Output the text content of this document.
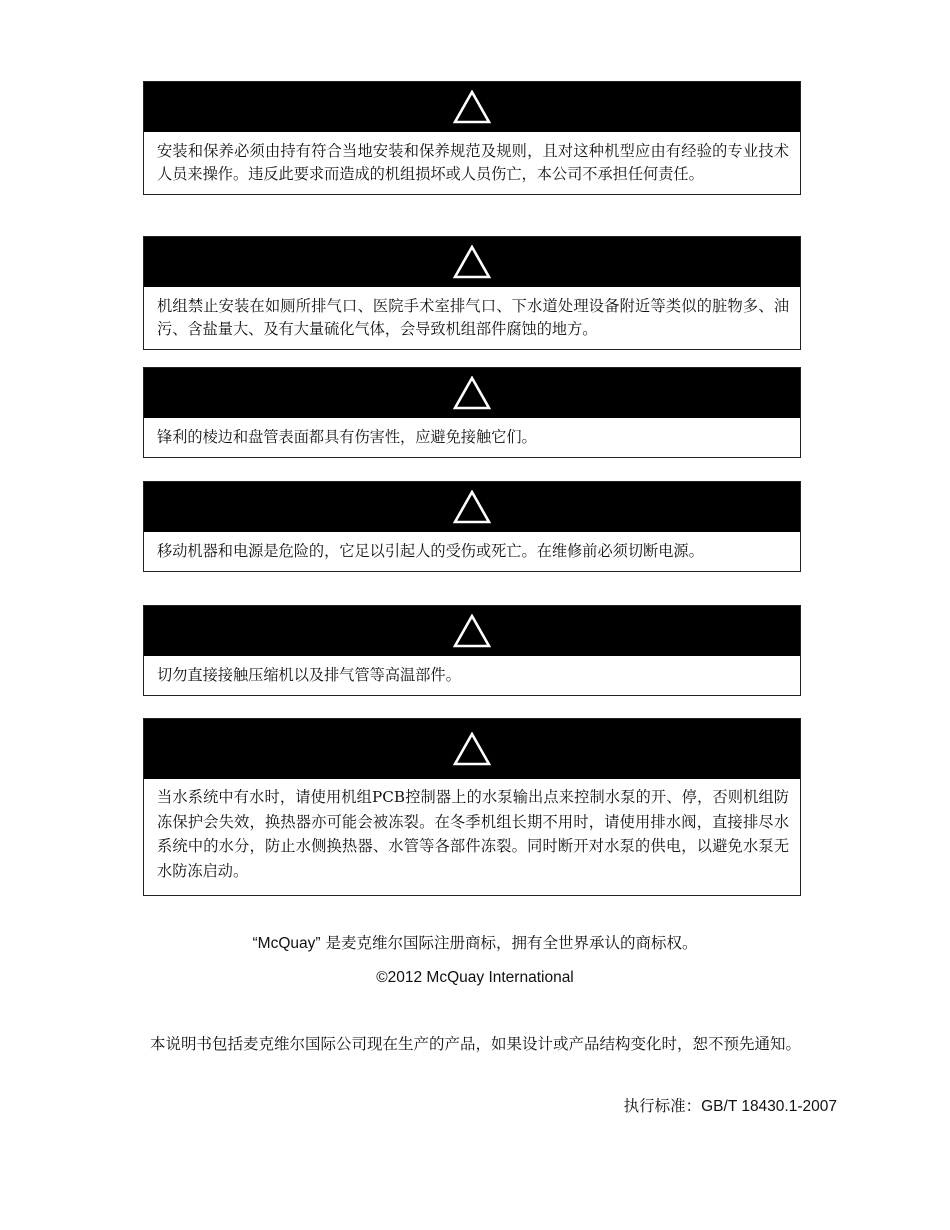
安装和保养必须由持有符合当地安装和保养规范及规则，且对这种机型应由有经验的专业技术人员来操作。违反此要求而造成的机组损坏或人员伤亡，本公司不承担任何责任。
机组禁止安装在如厕所排气口、医院手术室排气口、下水道处理设备附近等类似的脏物多、油污、含盐量大、及有大量硫化气体，会导致机组部件腐蚀的地方。
锋利的棱边和盘管表面都具有伤害性，应避免接触它们。
移动机器和电源是危险的，它足以引起人的受伤或死亡。在维修前必须切断电源。
切勿直接接触压缩机以及排气管等高温部件。
当水系统中有水时，请使用机组PCB控制器上的水泵输出点来控制水泵的开、停，否则机组防冻保护会失效，换热器亦可能会被冻裂。在冬季机组长期不用时，请使用排水阀，直接排尽水系统中的水分，防止水侧换热器、水管等各部件冻裂。同时断开对水泵的供电，以避免水泵无水防冻启动。
“McQuay” 是麦克维尔国际注册商标，拥有全世界承认的商标权。
©2012 McQuay International
本说明书包括麦克维尔国际公司现在生产的产品，如果设计或产品结构变化时，恕不预先通知。
执行标准：GB/T 18430.1-2007
